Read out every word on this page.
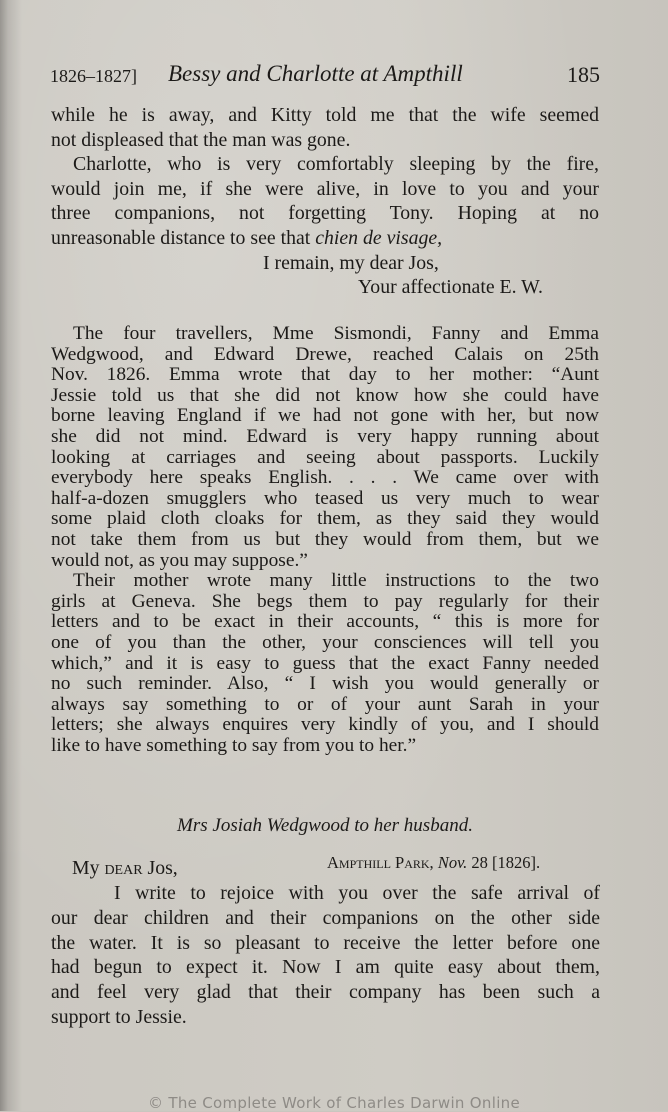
1826–1827] Bessy and Charlotte at Ampthill	185
while he is away, and Kitty told me that the wife seemed
not displeased that the man was gone.
Charlotte, who is very comfortably sleeping by the fire,
would join me, if she were alive, in love to you and your
three companions, not forgetting Tony. Hoping at no
unreasonable distance to see that chien de visage,
I remain, my dear Jos,
Your affectionate E. W.
The four travellers, Mme Sismondi, Fanny and Emma
Wedgwood, and Edward Drewe, reached Calais on 25th
Nov. 1826. Emma wrote that day to her mother: “Aunt
Jessie told us that she did not know how she could have
borne leaving England if we had not gone with her, but now
she did not mind. Edward is very happy running about
looking at carriages and seeing about passports. Luckily
everybody here speaks English. . . . We came over with
half-a-dozen smugglers who teased us very much to wear
some plaid cloth cloaks for them, as they said they would
not take them from us but they would from them, but we
would not, as you may suppose.”
Their mother wrote many little instructions to the two
girls at Geneva. She begs them to pay regularly for their
letters and to be exact in their accounts, “ this is more for
one of you than the other, your consciences will tell you
which,” and it is easy to guess that the exact Fanny needed
no such reminder. Also, “ I wish you would generally or
always say something to or of your aunt Sarah in your
letters; she always enquires very kindly of you, and I should
like to have something to say from you to her.”
Mrs Josiah Wedgwood to her husband.
My dear Jos,	Ampthill Park, Nov. 28 [1826].
I write to rejoice with you over the safe arrival of
our dear children and their companions on the other side
the water. It is so pleasant to receive the letter before one
had begun to expect it. Now I am quite easy about them,
and feel very glad that their company has been such a
support to Jessie.
© The Complete Work of Charles Darwin Online
